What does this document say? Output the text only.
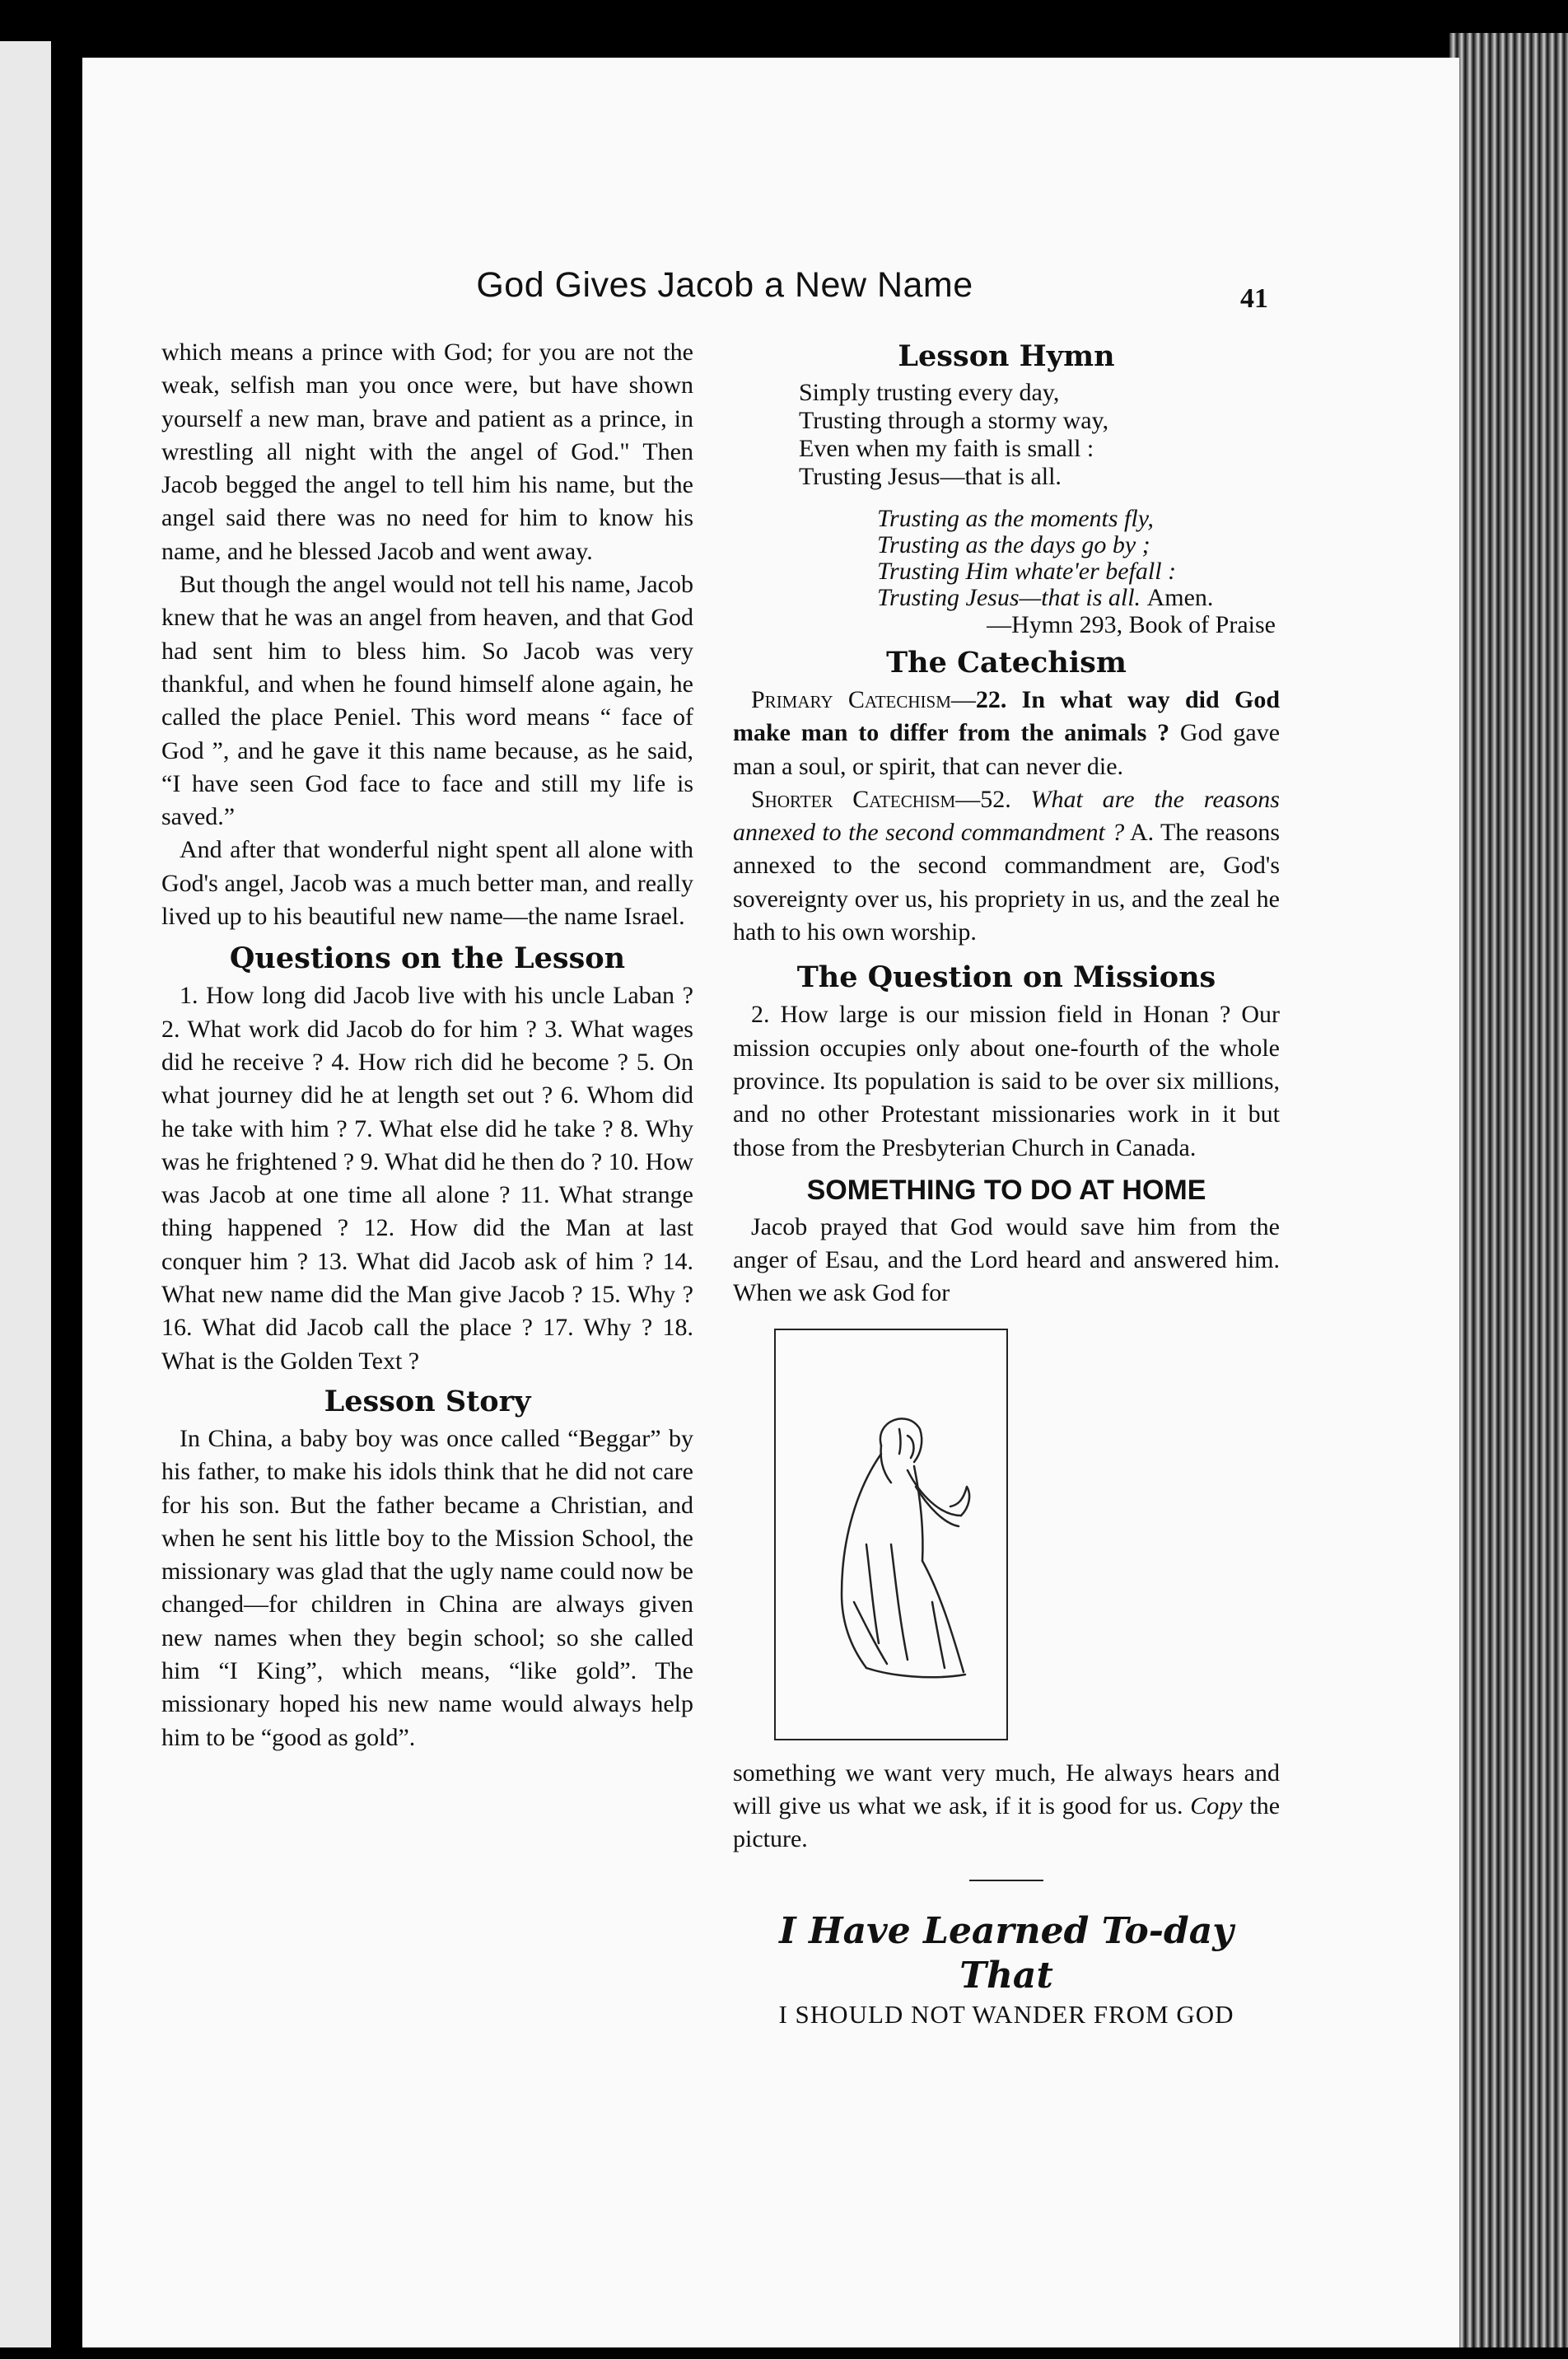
God Gives Jacob a New Name	41

which means a prince with God; for you are not the weak, selfish man you once were, but have shown yourself a new man, brave and patient as a prince, in wrestling all night with the angel of God." Then Jacob begged the angel to tell him his name, but the angel said there was no need for him to know his name, and he blessed Jacob and went away.

But though the angel would not tell his name, Jacob knew that he was an angel from heaven, and that God had sent him to bless him. So Jacob was very thankful, and when he found himself alone again, he called the place Peniel. This word means “ face of God ”, and he gave it this name because, as he said, “I have seen God face to face and still my life is saved.”

And after that wonderful night spent all alone with God's angel, Jacob was a much better man, and really lived up to his beautiful new name—the name Israel.

Questions on the Lesson

1. How long did Jacob live with his uncle Laban ? 2. What work did Jacob do for him ? 3. What wages did he receive ? 4. How rich did he become ? 5. On what journey did he at length set out ? 6. Whom did he take with him ? 7. What else did he take ? 8. Why was he frightened ? 9. What did he then do ? 10. How was Jacob at one time all alone ? 11. What strange thing happened ? 12. How did the Man at last conquer him ? 13. What did Jacob ask of him ? 14. What new name did the Man give Jacob ? 15. Why ? 16. What did Jacob call the place ? 17. Why ? 18. What is the Golden Text ?

Lesson Story

In China, a baby boy was once called “Beggar” by his father, to make his idols think that he did not care for his son. But the father became a Christian, and when he sent his little boy to the Mission School, the missionary was glad that the ugly name could now be changed—for children in China are always given new names when they begin school; so she called him “I King”, which means, “like gold”. The missionary hoped his new name would always help him to be “good as gold”.

Lesson Hymn
Simply trusting every day,
Trusting through a stormy way,
Even when my faith is small :
Trusting Jesus—that is all.
Trusting as the moments fly,
Trusting as the days go by ;
Trusting Him whate'er befall :
Trusting Jesus—that is all. Amen.
—Hymn 293, Book of Praise
The Catechism

Primary Catechism—22. In what way did God make man to differ from the animals ? God gave man a soul, or spirit, that can never die.

Shorter Catechism—52. What are the reasons annexed to the second commandment ? A. The reasons annexed to the second commandment are, God's sovereignty over us, his propriety in us, and the zeal he hath to his own worship.

The Question on Missions

2. How large is our mission field in Honan ? Our mission occupies only about one-fourth of the whole province. Its population is said to be over six millions, and no other Protestant missionaries work in it but those from the Presbyterian Church in Canada.

SOMETHING TO DO AT HOME

Jacob prayed that God would save him from the anger of Esau, and the Lord heard and answered him. When we ask God for

something we want very much, He always hears and will give us what we ask, if it is good for us. Copy the picture.

I Have Learned To-day That
I SHOULD NOT WANDER FROM GOD
